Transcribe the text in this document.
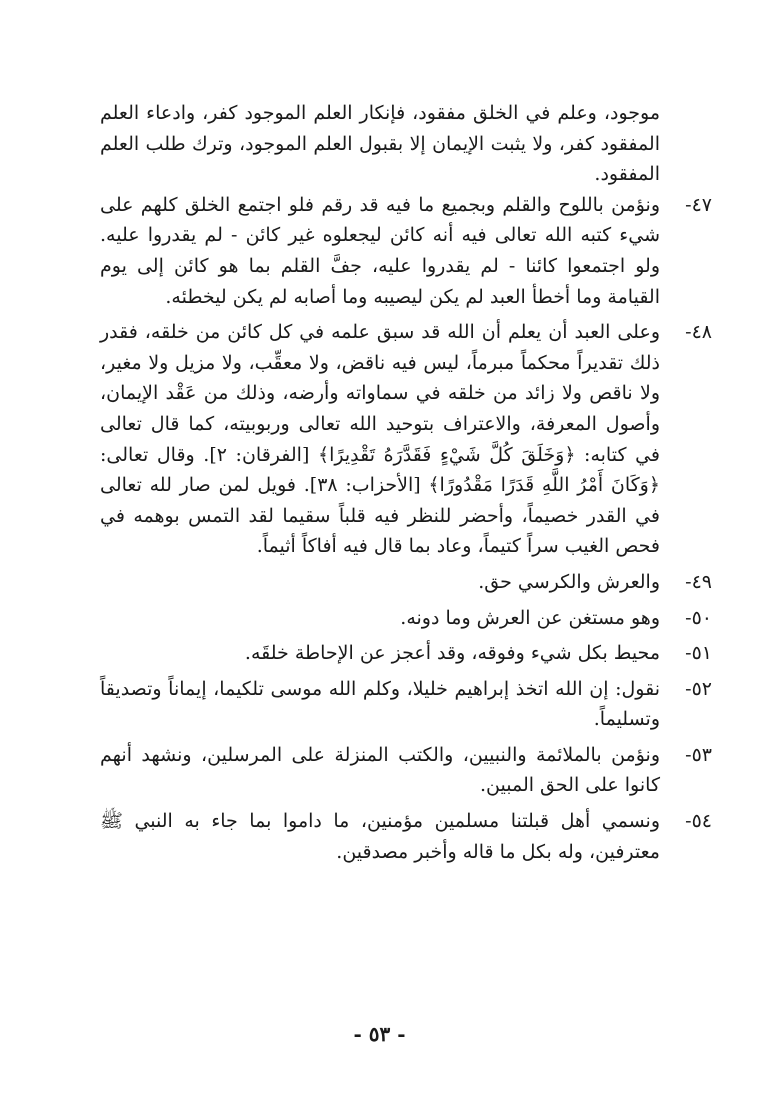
موجود، وعلم في الخلق مفقود، فإنكار العلم الموجود كفر، وادعاء العلم المفقود كفر، ولا يثبت الإيمان إلا بقبول العلم الموجود، وترك طلب العلم المفقود.

٤٧-

ونؤمن باللوح والقلم وبجميع ما فيه قد رقم فلو اجتمع الخلق كلهم على شيء كتبه الله تعالى فيه أنه كائن ليجعلوه غير كائن - لم يقدروا عليه. ولو اجتمعوا كائنا - لم يقدروا عليه، جفَّ القلم بما هو كائن إلى يوم القيامة وما أخطأ العبد لم يكن ليصيبه وما أصابه لم يكن ليخطئه.

٤٨-

وعلى العبد أن يعلم أن الله قد سبق علمه في كل كائن من خلقه، فقدر ذلك تقديراً محكماً مبرماً، ليس فيه ناقض، ولا معقِّب، ولا مزيل ولا مغير، ولا ناقص ولا زائد من خلقه في سماواته وأرضه، وذلك من عَقْد الإيمان، وأصول المعرفة، والاعتراف بتوحيد الله تعالى وربوبيته، كما قال تعالى في كتابه: ﴿وَخَلَقَ كُلَّ شَيْءٍ فَقَدَّرَهُ تَقْدِيرًا﴾ [الفرقان: ٢]. وقال تعالى: ﴿وَكَانَ أَمْرُ اللَّهِ قَدَرًا مَقْدُورًا﴾ [الأحزاب: ٣٨]. فويل لمن صار لله تعالى في القدر خصيماً، وأحضر للنظر فيه قلباً سقيما لقد التمس بوهمه في فحص الغيب سراً كتيماً، وعاد بما قال فيه أفاكاً أثيماً.

٤٩-

والعرش والكرسي حق.

٥٠-

وهو مستغن عن العرش وما دونه.

٥١-

محيط بكل شيء وفوقه، وقد أعجز عن الإحاطة خلقَه.

٥٢-

نقول: إن الله اتخذ إبراهيم خليلا، وكلم الله موسى تلكيما، إيماناً وتصديقاً وتسليماً.

٥٣-

ونؤمن بالملائمة والنبيين، والكتب المنزلة على المرسلين، ونشهد أنهم كانوا على الحق المبين.

٥٤-

ونسمي أهل قبلتنا مسلمين مؤمنين، ما داموا بما جاء به النبي ﷺ معترفين، وله بكل ما قاله وأخبر مصدقين.

- ٥٣ -
